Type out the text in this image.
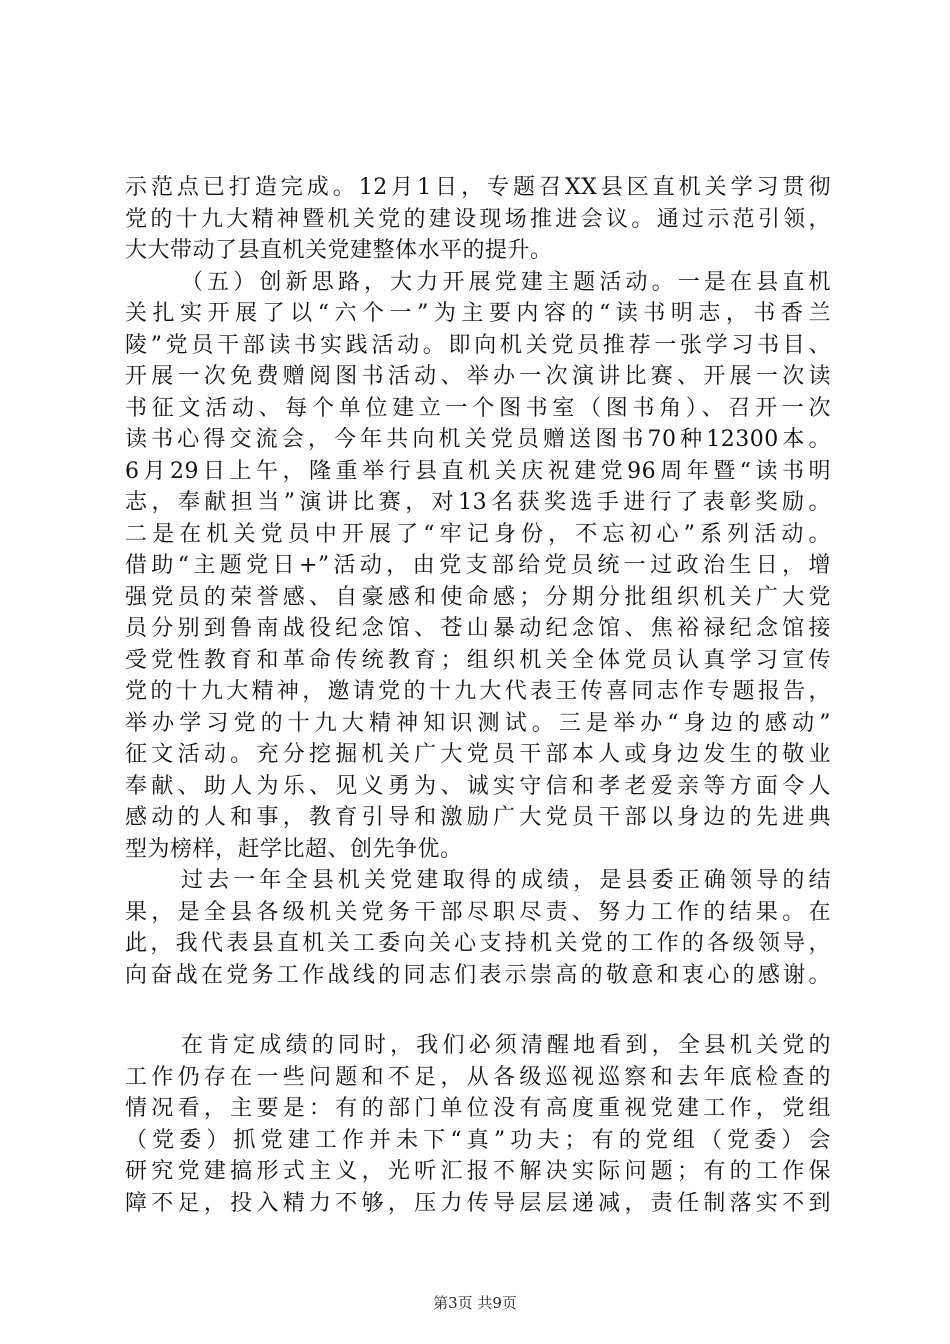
示范点已打造完成。12月1日，专题召XX县区直机关学习贯彻
党的十九大精神暨机关党的建设现场推进会议。通过示范引领，
大大带动了县直机关党建整体水平的提升。
（五）创新思路，大力开展党建主题活动。一是在县直机
关扎实开展了以“六个一”为主要内容的“读书明志，书香兰
陵”党员干部读书实践活动。即向机关党员推荐一张学习书目、
开展一次免费赠阅图书活动、举办一次演讲比赛、开展一次读
书征文活动、每个单位建立一个图书室（图书角）、召开一次
读书心得交流会，今年共向机关党员赠送图书70种12300本。
6月29日上午，隆重举行县直机关庆祝建党96周年暨“读书明
志，奉献担当”演讲比赛，对13名获奖选手进行了表彰奖励。
二是在机关党员中开展了“牢记身份，不忘初心”系列活动。
借助“主题党日+”活动，由党支部给党员统一过政治生日，增
强党员的荣誉感、自豪感和使命感；分期分批组织机关广大党
员分别到鲁南战役纪念馆、苍山暴动纪念馆、焦裕禄纪念馆接
受党性教育和革命传统教育；组织机关全体党员认真学习宣传
党的十九大精神，邀请党的十九大代表王传喜同志作专题报告，
举办学习党的十九大精神知识测试。三是举办“身边的感动”
征文活动。充分挖掘机关广大党员干部本人或身边发生的敬业
奉献、助人为乐、见义勇为、诚实守信和孝老爱亲等方面令人
感动的人和事，教育引导和激励广大党员干部以身边的先进典
型为榜样，赶学比超、创先争优。
过去一年全县机关党建取得的成绩，是县委正确领导的结
果，是全县各级机关党务干部尽职尽责、努力工作的结果。在
此，我代表县直机关工委向关心支持机关党的工作的各级领导，
向奋战在党务工作战线的同志们表示崇高的敬意和衷心的感谢。
在肯定成绩的同时，我们必须清醒地看到，全县机关党的
工作仍存在一些问题和不足，从各级巡视巡察和去年底检查的
情况看，主要是：有的部门单位没有高度重视党建工作，党组
（党委）抓党建工作并未下“真”功夫；有的党组（党委）会
研究党建搞形式主义，光听汇报不解决实际问题；有的工作保
障不足，投入精力不够，压力传导层层递减，责任制落实不到
第3页 共9页
